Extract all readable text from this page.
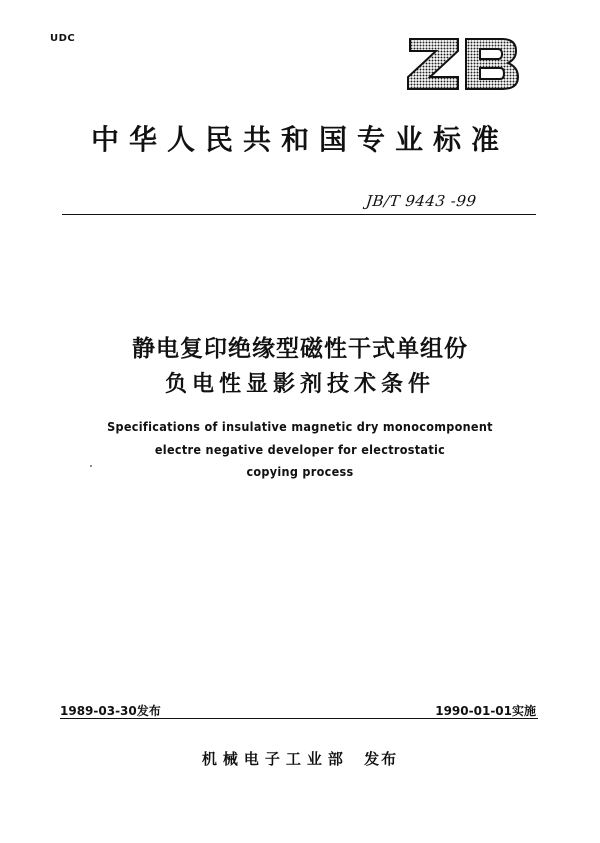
UDC
中华人民共和国专业标准
JB/T 9443 -99
静电复印绝缘型磁性干式单组份
负电性显影剂技术条件
Specifications of insulative magnetic dry monocomponent
electre negative developer for electrostatic
copying process
1989-03-30发布	1990-01-01实施
机械电子工业部 发布
